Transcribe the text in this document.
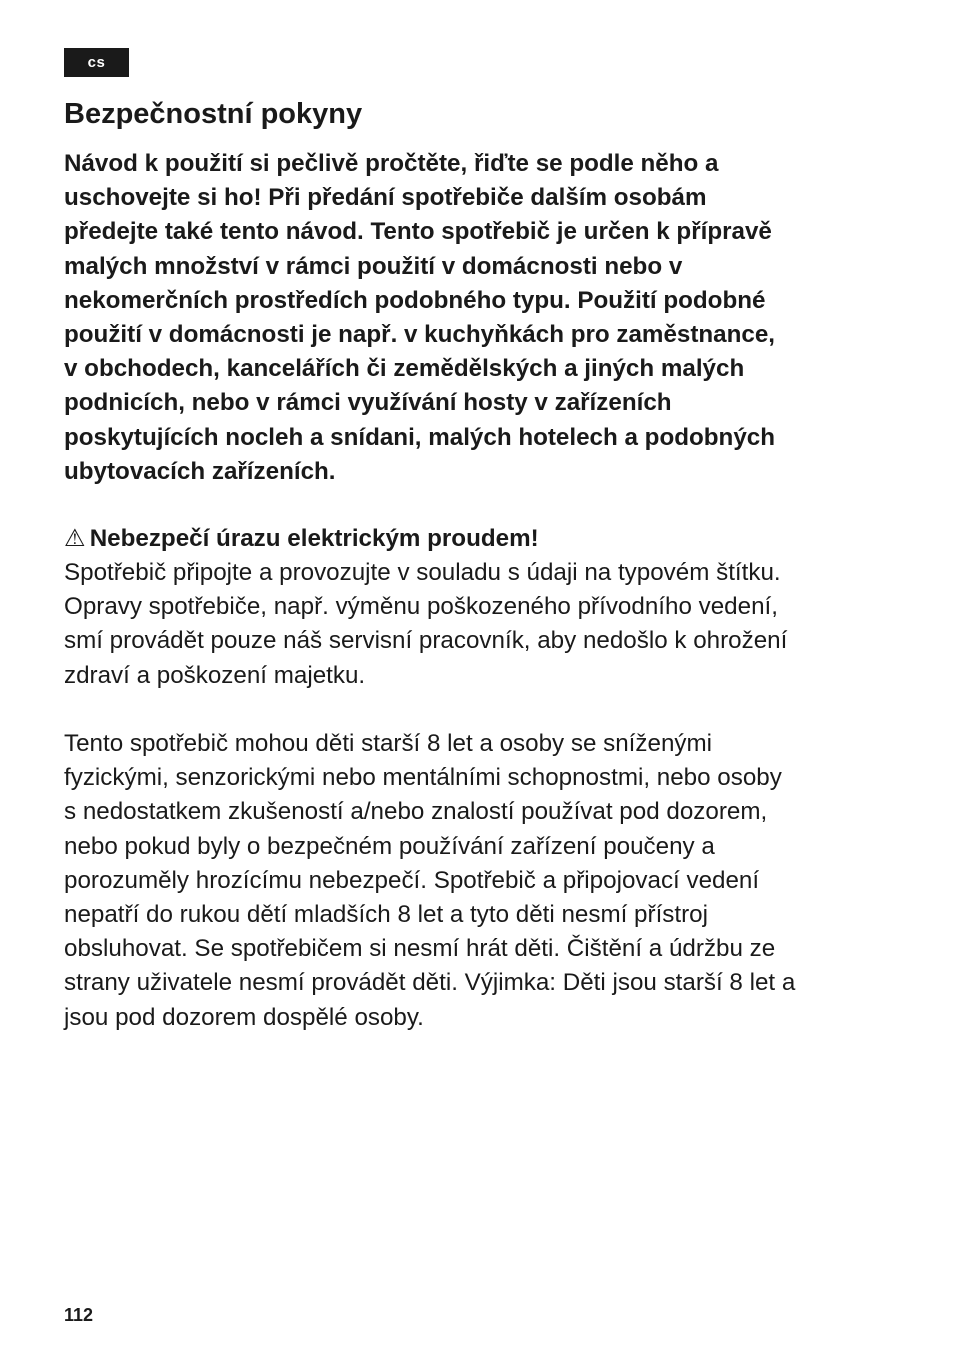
cs
Bezpečnostní pokyny

Návod k použití si pečlivě pročtěte, řiďte se podle něho a
uschovejte si ho! Při předání spotřebiče dalším osobám
předejte také tento návod. Tento spotřebič je určen k přípravě
malých množství v rámci použití v domácnosti nebo v
nekomerčních prostředích podobného typu. Použití podobné
použití v domácnosti je např. v kuchyňkách pro zaměstnance,
v obchodech, kancelářích či zemědělských a jiných malých
podnicích, nebo v rámci využívání hosty v zařízeních
poskytujících nocleh a snídani, malých hotelech a podobných
ubytovacích zařízeních.

⚠ Nebezpečí úrazu elektrickým proudem!

Spotřebič připojte a provozujte v souladu s údaji na typovém štítku.
Opravy spotřebiče, např. výměnu poškozeného přívodního vedení,
smí provádět pouze náš servisní pracovník, aby nedošlo k ohrožení
zdraví a poškození majetku.

Tento spotřebič mohou děti starší 8 let a osoby se sníženými
fyzickými, senzorickými nebo mentálními schopnostmi, nebo osoby
s nedostatkem zkušeností a/nebo znalostí používat pod dozorem,
nebo pokud byly o bezpečném používání zařízení poučeny a
porozuměly hrozícímu nebezpečí. Spotřebič a připojovací vedení
nepatří do rukou dětí mladších 8 let a tyto děti nesmí přístroj
obsluhovat. Se spotřebičem si nesmí hrát děti. Čištění a údržbu ze
strany uživatele nesmí provádět děti. Výjimka: Děti jsou starší 8 let a
jsou pod dozorem dospělé osoby.

112
